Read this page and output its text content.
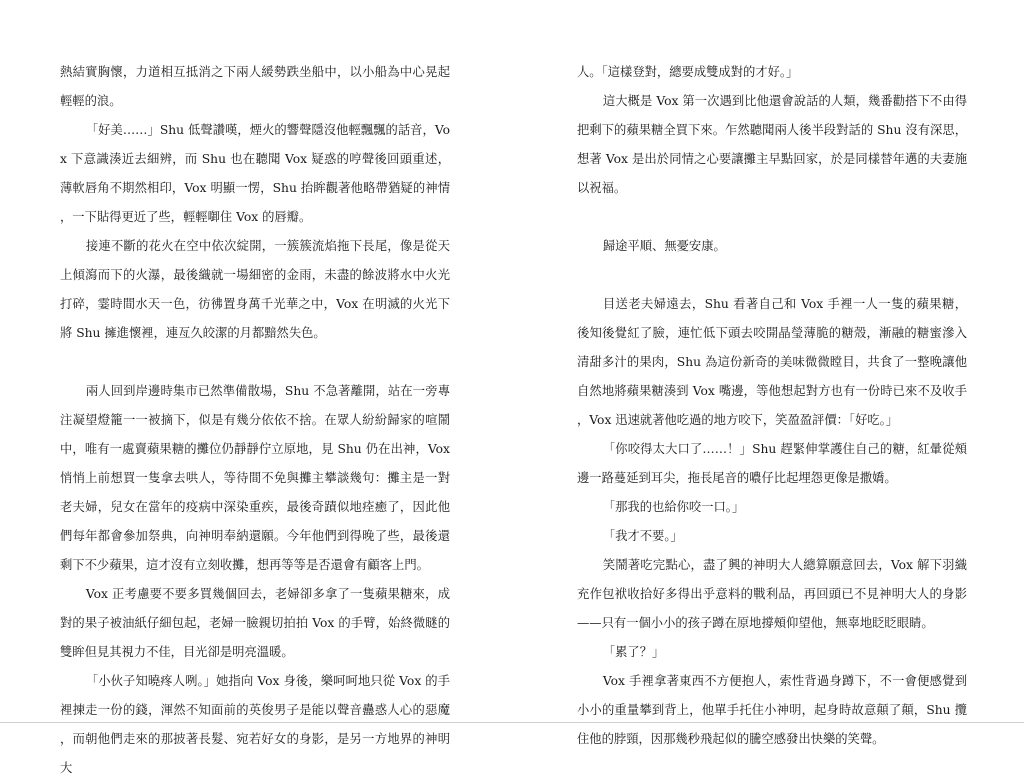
熱結實胸懷，力道相互抵消之下兩人緩勢跌坐船中，以小船為中心晃起輕輕的浪。

「好美……」Shu 低聲讚嘆，煙火的響聲隱沒他輕飄飄的話音，Vox 下意識湊近去細辨，而 Shu 也在聽聞 Vox 疑惑的哼聲後回頭重述，薄軟唇角不期然相印，Vox 明顯一愣，Shu 抬眸觀著他略帶猶疑的神情，一下貼得更近了些，輕輕啣住 Vox 的唇瓣。

接連不斷的花火在空中依次綻開，一簇簇流焰拖下長尾，像是從天上傾瀉而下的火瀑，最後織就一場細密的金雨，未盡的餘波將水中火光打碎，霎時間水天一色，彷彿置身萬千光華之中，Vox 在明滅的火光下將 Shu 擁進懷裡，連亙久皎潔的月都黯然失色。

兩人回到岸邊時集市已然準備散場，Shu 不急著離開，站在一旁專注凝望燈籠一一被摘下，似是有幾分依依不捨。在眾人紛紛歸家的喧鬧中，唯有一處賣蘋果糖的攤位仍靜靜佇立原地，見 Shu 仍在出神，Vox 悄悄上前想買一隻拿去哄人，等待間不免與攤主攀談幾句：攤主是一對老夫婦，兒女在當年的疫病中深染重疾，最後奇蹟似地痊癒了，因此他們每年都會參加祭典，向神明奉納還願。今年他們到得晚了些，最後還剩下不少蘋果，這才沒有立刻收攤，想再等等是否還會有顧客上門。

Vox 正考慮要不要多買幾個回去，老婦卻多拿了一隻蘋果糖來，成對的果子被油紙仔細包起，老婦一臉親切拍拍 Vox 的手臂，始終微瞇的雙眸但見其視力不佳，目光卻是明亮溫暖。

「小伙子知曉疼人咧。」她指向 Vox 身後，樂呵呵地只從 Vox 的手裡揀走一份的錢，渾然不知面前的英俊男子是能以聲音蠱惑人心的惡魔，而朝他們走來的那披著長髮、宛若好女的身影，是另一方地界的神明大

人。「這樣登對，總要成雙成對的才好。」

這大概是 Vox 第一次遇到比他還會說話的人類，幾番勸搭下不由得把剩下的蘋果糖全買下來。乍然聽聞兩人後半段對話的 Shu 沒有深思，想著 Vox 是出於同情之心要讓攤主早點回家，於是同樣替年邁的夫妻施以祝福。

歸途平順、無憂安康。

目送老夫婦遠去，Shu 看著自己和 Vox 手裡一人一隻的蘋果糖，後知後覺紅了臉，連忙低下頭去咬開晶瑩薄脆的糖殼，漸融的糖蜜滲入清甜多汁的果肉，Shu 為這份新奇的美味微微瞠目，共食了一整晚讓他自然地將蘋果糖湊到 Vox 嘴邊，等他想起對方也有一份時已來不及收手，Vox 迅速就著他吃過的地方咬下，笑盈盈評價：「好吃。」

「你咬得太大口了……！」Shu 趕緊伸掌護住自己的糖，紅暈從頰邊一路蔓延到耳尖，拖長尾音的噥仔比起埋怨更像是撒嬌。

「那我的也給你咬一口。」

「我才不要。」

笑鬧著吃完點心，盡了興的神明大人總算願意回去，Vox 解下羽織充作包袱收拾好多得出乎意料的戰利品，再回頭已不見神明大人的身影——只有一個小小的孩子蹲在原地撐頰仰望他，無辜地眨眨眼睛。

「累了？」

Vox 手裡拿著東西不方便抱人，索性背過身蹲下，不一會便感覺到小小的重量攀到背上，他單手托住小神明，起身時故意顛了顛，Shu 攬住他的脖頸，因那幾秒飛起似的騰空感發出快樂的笑聲。
